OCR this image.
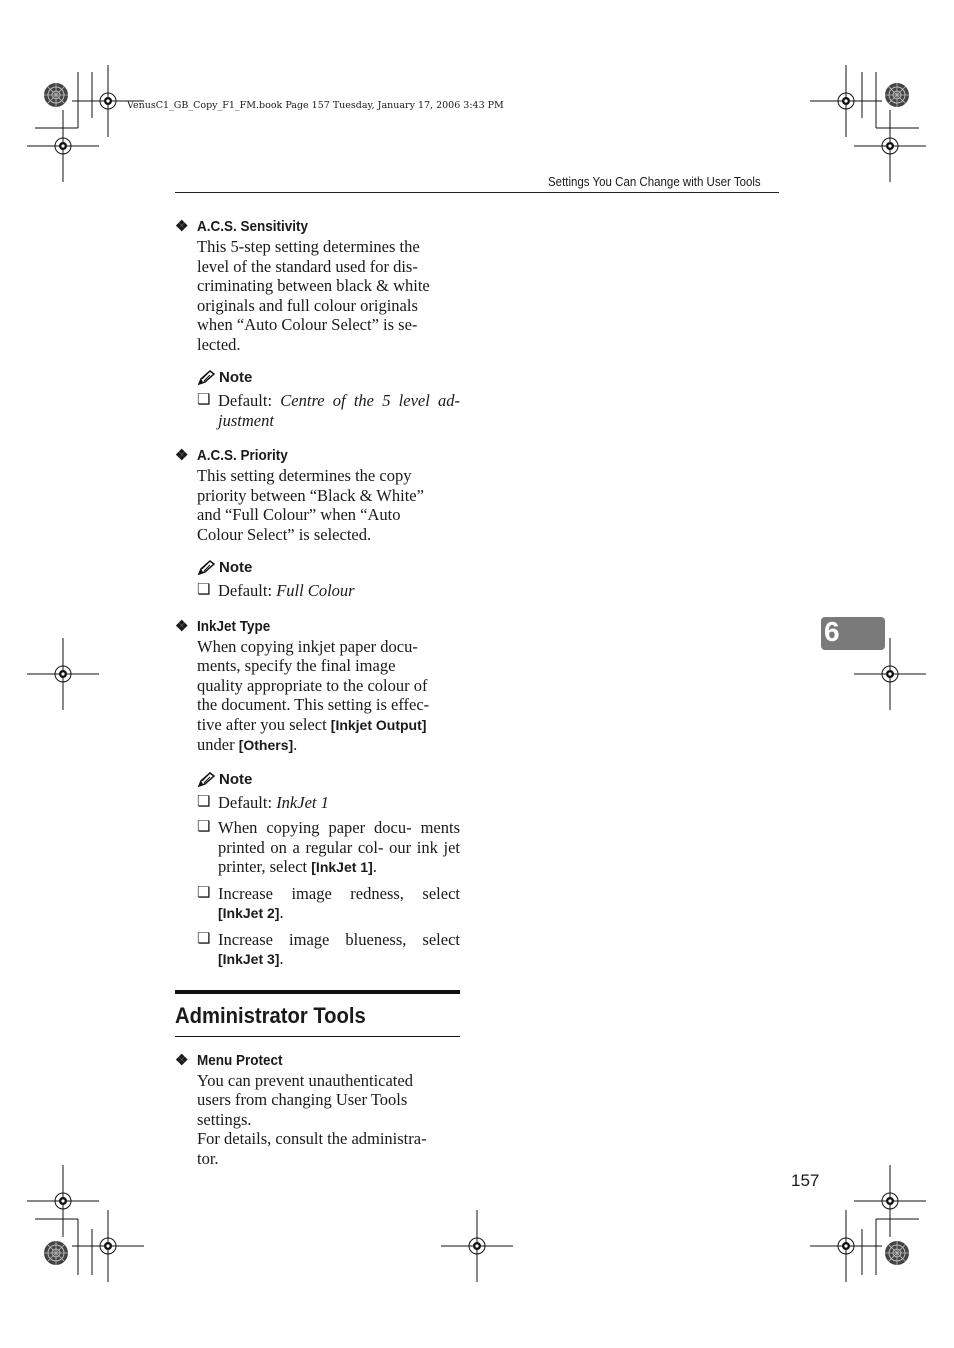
VenusC1_GB_Copy_F1_FM.book Page 157 Tuesday, January 17, 2006 3:43 PM
Settings You Can Change with User Tools
6
❖ A.C.S. Sensitivity
This 5-step setting determines the
level of the standard used for dis-
criminating between black & white
originals and full colour originals
when “Auto Colour Select” is se-
lected.
Note
❏ Default: Centre of the 5 level ad- justment
❖ A.C.S. Priority
This setting determines the copy
priority between “Black & White”
and “Full Colour” when “Auto
Colour Select” is selected.
Note
❏ Default: Full Colour
❖ InkJet Type
When copying inkjet paper docu-
ments, specify the final image
quality appropriate to the colour of
the document. This setting is effec-
tive after you select [Inkjet Output]
under [Others].
Note
❏ Default: InkJet 1
❏ When copying paper docu- ments printed on a regular col- our ink jet printer, select [InkJet 1].
❏ Increase image redness, select [InkJet 2].
❏ Increase image blueness, select [InkJet 3].
Administrator Tools
❖ Menu Protect
You can prevent unauthenticated
users from changing User Tools
settings.
For details, consult the administra-
tor.
157
